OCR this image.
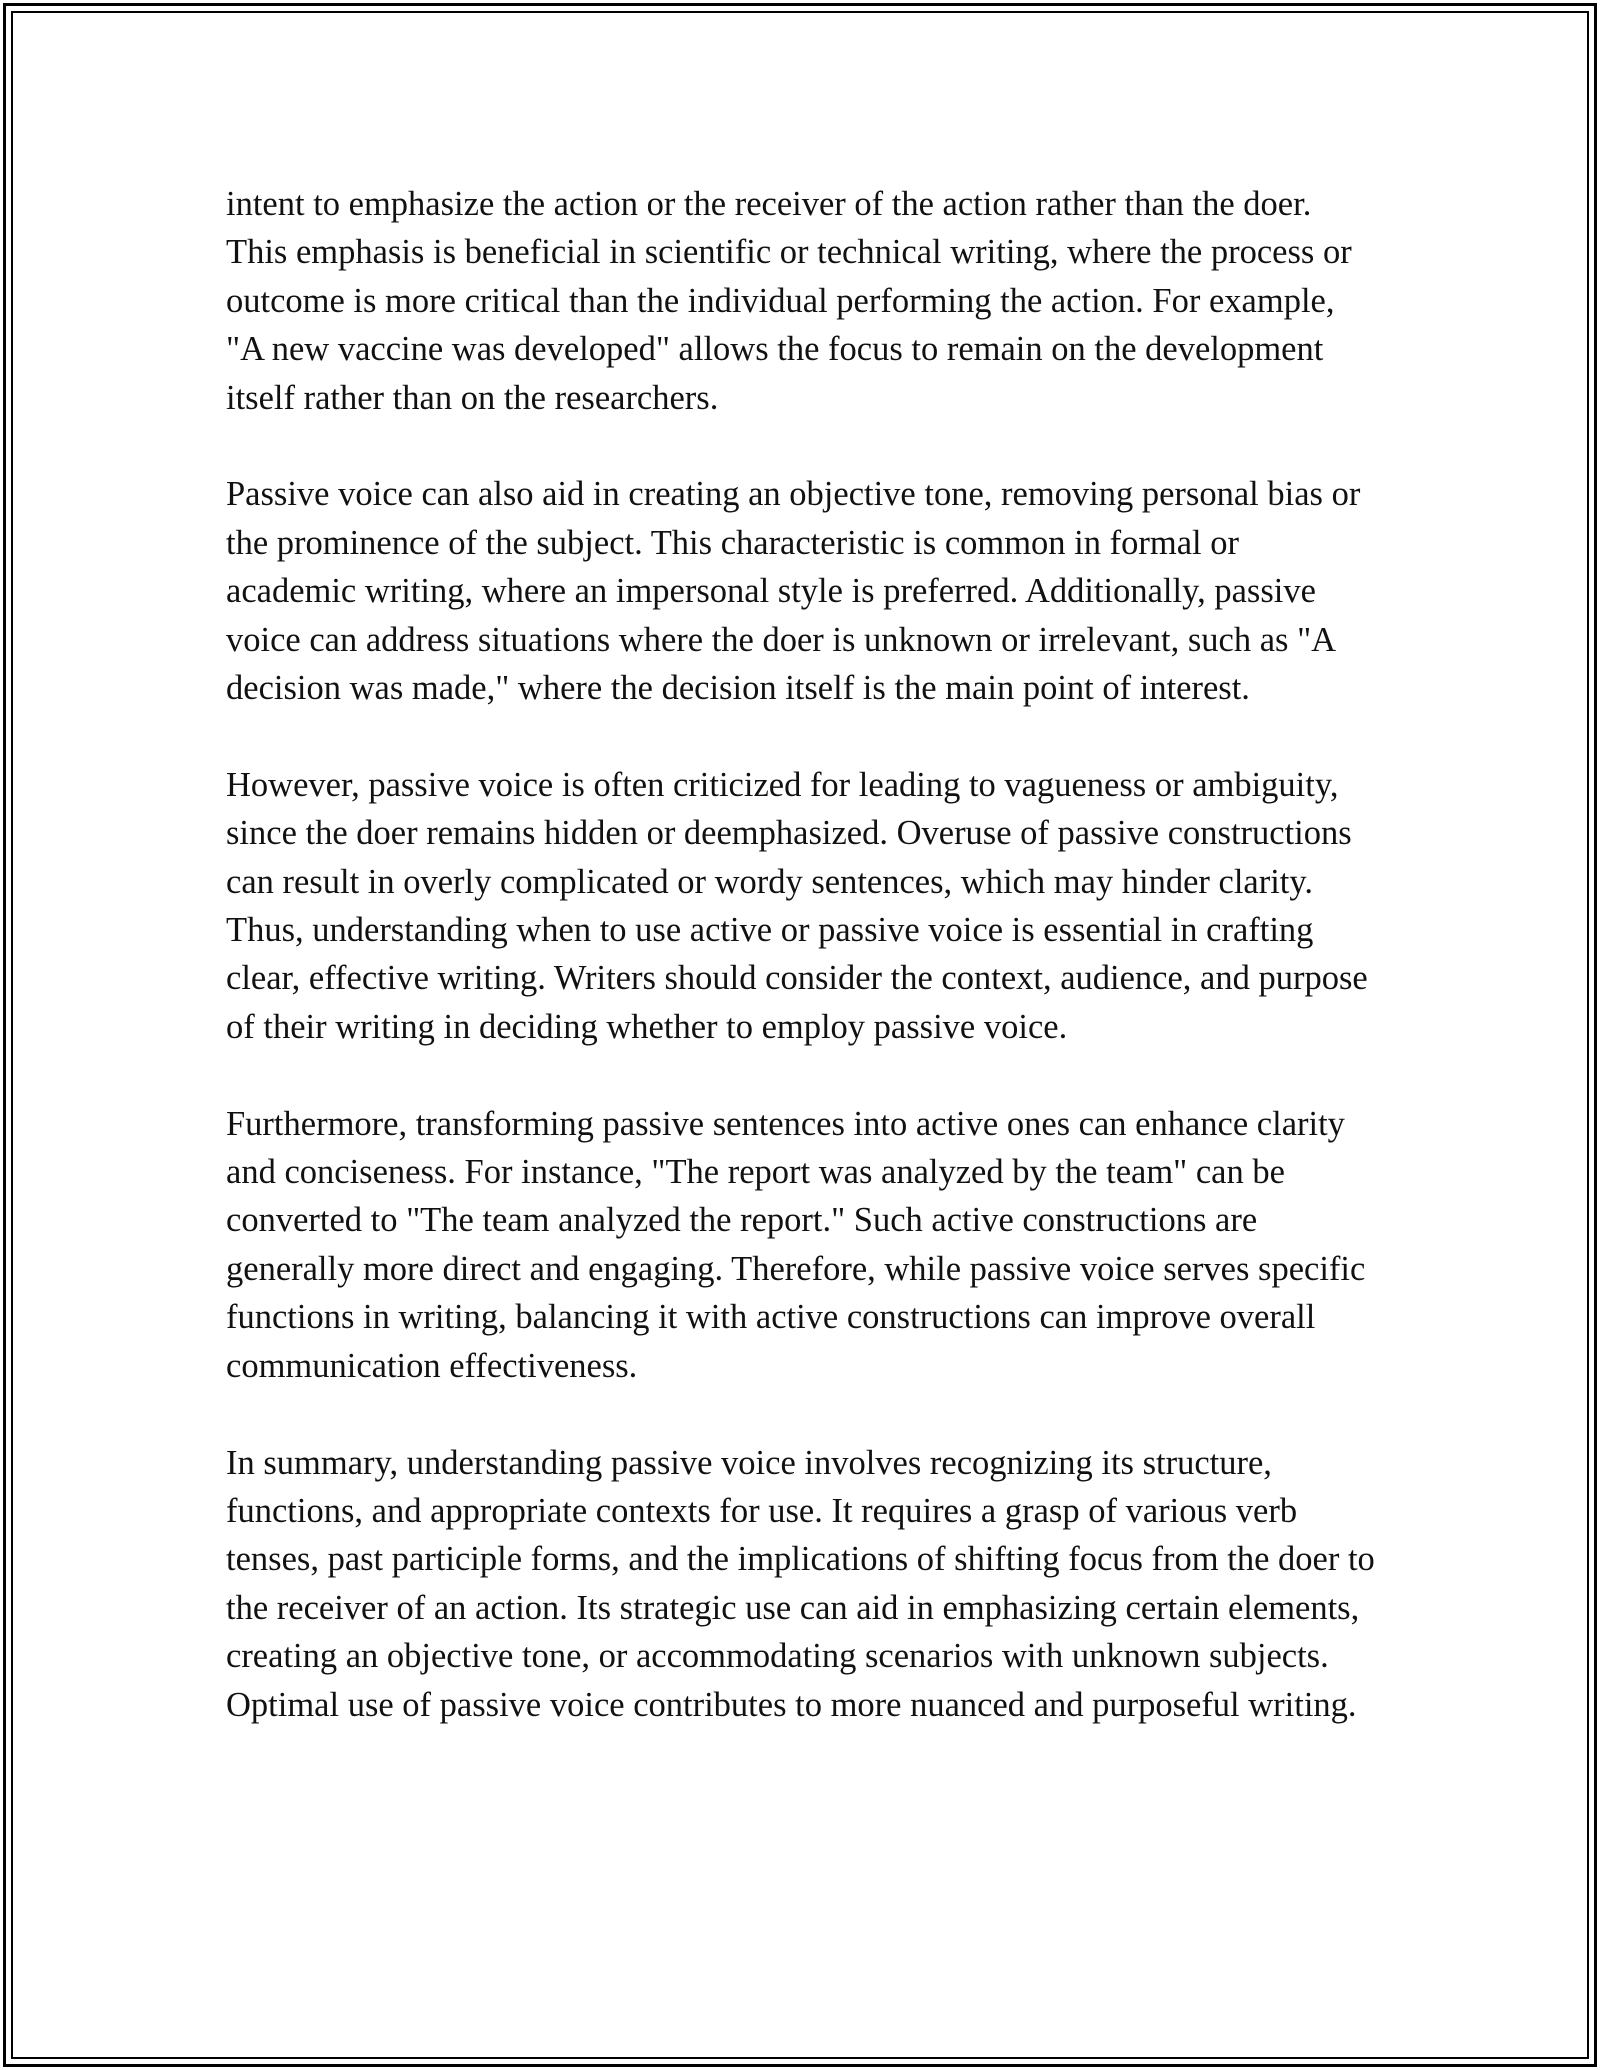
intent to emphasize the action or the receiver of the action rather than the doer. This emphasis is beneficial in scientific or technical writing, where the process or outcome is more critical than the individual performing the action. For example, "A new vaccine was developed" allows the focus to remain on the development itself rather than on the researchers.

Passive voice can also aid in creating an objective tone, removing personal bias or the prominence of the subject. This characteristic is common in formal or academic writing, where an impersonal style is preferred. Additionally, passive voice can address situations where the doer is unknown or irrelevant, such as "A decision was made," where the decision itself is the main point of interest.

However, passive voice is often criticized for leading to vagueness or ambiguity, since the doer remains hidden or deemphasized. Overuse of passive constructions can result in overly complicated or wordy sentences, which may hinder clarity. Thus, understanding when to use active or passive voice is essential in crafting clear, effective writing. Writers should consider the context, audience, and purpose of their writing in deciding whether to employ passive voice.

Furthermore, transforming passive sentences into active ones can enhance clarity and conciseness. For instance, "The report was analyzed by the team" can be converted to "The team analyzed the report." Such active constructions are generally more direct and engaging. Therefore, while passive voice serves specific functions in writing, balancing it with active constructions can improve overall communication effectiveness.

In summary, understanding passive voice involves recognizing its structure, functions, and appropriate contexts for use. It requires a grasp of various verb tenses, past participle forms, and the implications of shifting focus from the doer to the receiver of an action. Its strategic use can aid in emphasizing certain elements, creating an objective tone, or accommodating scenarios with unknown subjects. Optimal use of passive voice contributes to more nuanced and purposeful writing.
